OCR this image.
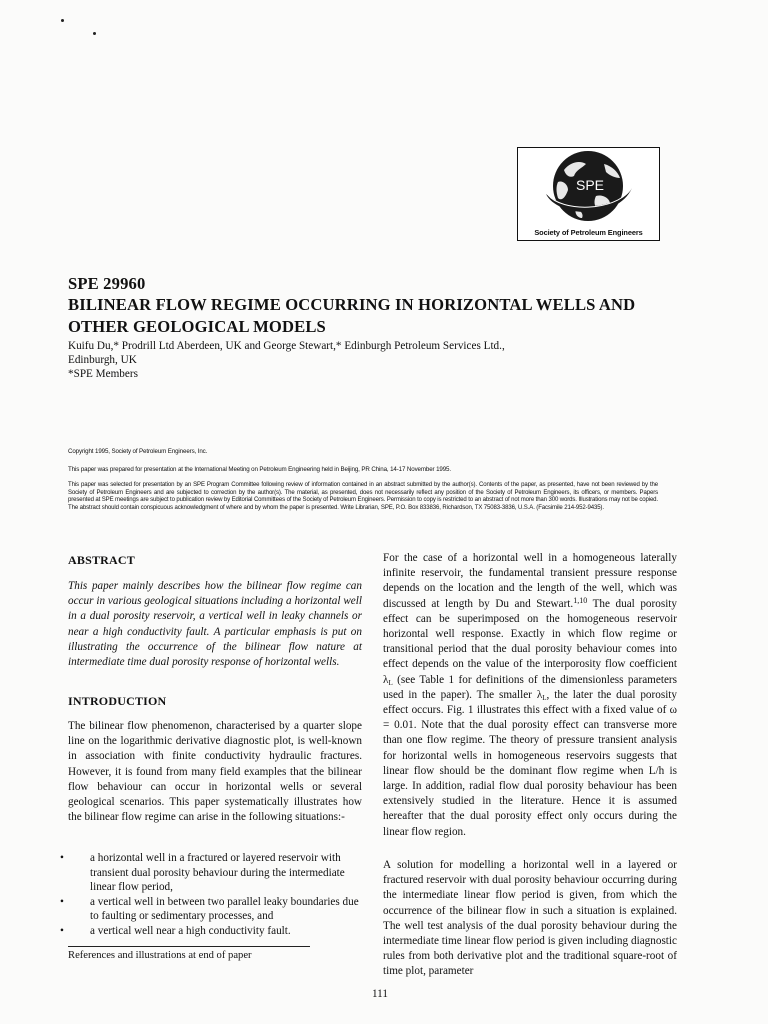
SPE
Society of Petroleum Engineers
SPE 29960
BILINEAR FLOW REGIME OCCURRING IN HORIZONTAL WELLS AND
OTHER GEOLOGICAL MODELS
Kuifu Du,* Prodrill Ltd Aberdeen, UK and George Stewart,* Edinburgh Petroleum Services Ltd.,
Edinburgh, UK
*SPE Members
Copyright 1995, Society of Petroleum Engineers, Inc.
This paper was prepared for presentation at the International Meeting on Petroleum Engineering held in Beijing, PR China, 14-17 November 1995.
This paper was selected for presentation by an SPE Program Committee following review of information contained in an abstract submitted by the author(s). Contents of the paper, as presented, have not been reviewed by the Society of Petroleum Engineers and are subjected to correction by the author(s). The material, as presented, does not necessarily reflect any position of the Society of Petroleum Engineers, its officers, or members. Papers presented at SPE meetings are subject to publication review by Editorial Committees of the Society of Petroleum Engineers. Permission to copy is restricted to an abstract of not more than 300 words. Illustrations may not be copied. The abstract should contain conspicuous acknowledgment of where and by whom the paper is presented. Write Librarian, SPE, P.O. Box 833836, Richardson, TX 75083-3836, U.S.A. (Facsimile 214-952-9435).
ABSTRACT
This paper mainly describes how the bilinear flow regime can occur in various geological situations including a horizontal well in a dual porosity reservoir, a vertical well in leaky channels or near a high conductivity fault. A particular emphasis is put on illustrating the occurrence of the bilinear flow nature at intermediate time dual porosity response of horizontal wells.
INTRODUCTION
The bilinear flow phenomenon, characterised by a quarter slope line on the logarithmic derivative diagnostic plot, is well-known in association with finite conductivity hydraulic fractures. However, it is found from many field examples that the bilinear flow behaviour can occur in horizontal wells or several geological scenarios. This paper systematically illustrates how the bilinear flow regime can arise in the following situations:-
• a horizontal well in a fractured or layered reservoir with transient dual porosity behaviour during the intermediate linear flow period,
• a vertical well in between two parallel leaky boundaries due to faulting or sedimentary processes, and
• a vertical well near a high conductivity fault.
References and illustrations at end of paper
For the case of a horizontal well in a homogeneous laterally infinite reservoir, the fundamental transient pressure response depends on the location and the length of the well, which was discussed at length by Du and Stewart.$^{1,10}$ The dual porosity effect can be superimposed on the homogeneous reservoir horizontal well response. Exactly in which flow regime or transitional period that the dual porosity behaviour comes into effect depends on the value of the interporosity flow coefficient $\lambda_L$ (see Table 1 for definitions of the dimensionless parameters used in the paper). The smaller $\lambda_L$, the later the dual porosity effect occurs. Fig. 1 illustrates this effect with a fixed value of ω = 0.01. Note that the dual porosity effect can transverse more than one flow regime. The theory of pressure transient analysis for horizontal wells in homogeneous reservoirs suggests that linear flow should be the dominant flow regime when L/h is large. In addition, radial flow dual porosity behaviour has been extensively studied in the literature. Hence it is assumed hereafter that the dual porosity effect only occurs during the linear flow region.
A solution for modelling a horizontal well in a layered or fractured reservoir with dual porosity behaviour occurring during the intermediate linear flow period is given, from which the occurrence of the bilinear flow in such a situation is explained. The well test analysis of the dual porosity behaviour during the intermediate time linear flow period is given including diagnostic rules from both derivative plot and the traditional square-root of time plot, parameter
111
